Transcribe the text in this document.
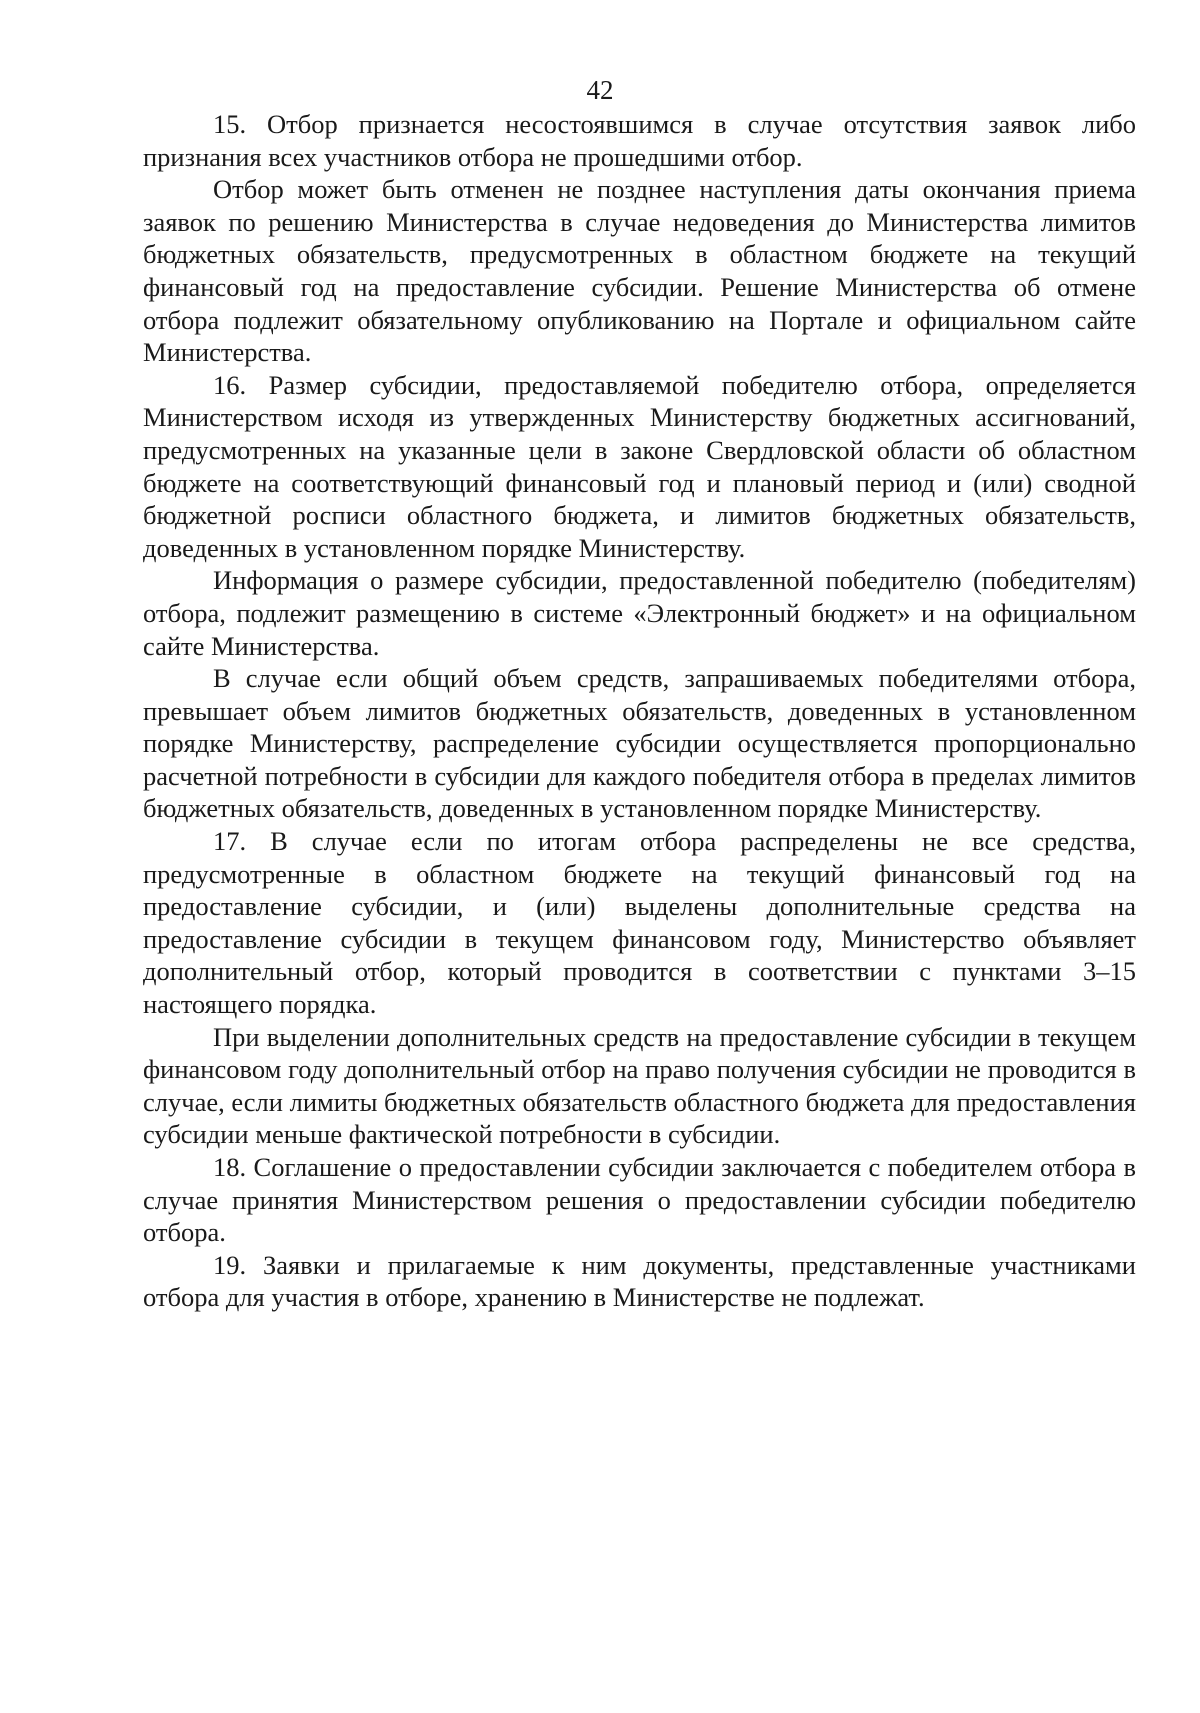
42

15. Отбор признается несостоявшимся в случае отсутствия заявок либо признания всех участников отбора не прошедшими отбор.

Отбор может быть отменен не позднее наступления даты окончания приема заявок по решению Министерства в случае недоведения до Министерства лимитов бюджетных обязательств, предусмотренных в областном бюджете на текущий финансовый год на предоставление субсидии. Решение Министерства об отмене отбора подлежит обязательному опубликованию на Портале и официальном сайте Министерства.

16. Размер субсидии, предоставляемой победителю отбора, определяется Министерством исходя из утвержденных Министерству бюджетных ассигнований, предусмотренных на указанные цели в законе Свердловской области об областном бюджете на соответствующий финансовый год и плановый период и (или) сводной бюджетной росписи областного бюджета, и лимитов бюджетных обязательств, доведенных в установленном порядке Министерству.

Информация о размере субсидии, предоставленной победителю (победителям) отбора, подлежит размещению в системе «Электронный бюджет» и на официальном сайте Министерства.

В случае если общий объем средств, запрашиваемых победителями отбора, превышает объем лимитов бюджетных обязательств, доведенных в установленном порядке Министерству, распределение субсидии осуществляется пропорционально расчетной потребности в субсидии для каждого победителя отбора в пределах лимитов бюджетных обязательств, доведенных в установленном порядке Министерству.

17. В случае если по итогам отбора распределены не все средства, предусмотренные в областном бюджете на текущий финансовый год на предоставление субсидии, и (или) выделены дополнительные средства на предоставление субсидии в текущем финансовом году, Министерство объявляет дополнительный отбор, который проводится в соответствии с пунктами 3–15 настоящего порядка.

При выделении дополнительных средств на предоставление субсидии в текущем финансовом году дополнительный отбор на право получения субсидии не проводится в случае, если лимиты бюджетных обязательств областного бюджета для предоставления субсидии меньше фактической потребности в субсидии.

18. Соглашение о предоставлении субсидии заключается с победителем отбора в случае принятия Министерством решения о предоставлении субсидии победителю отбора.

19. Заявки и прилагаемые к ним документы, представленные участниками отбора для участия в отборе, хранению в Министерстве не подлежат.
